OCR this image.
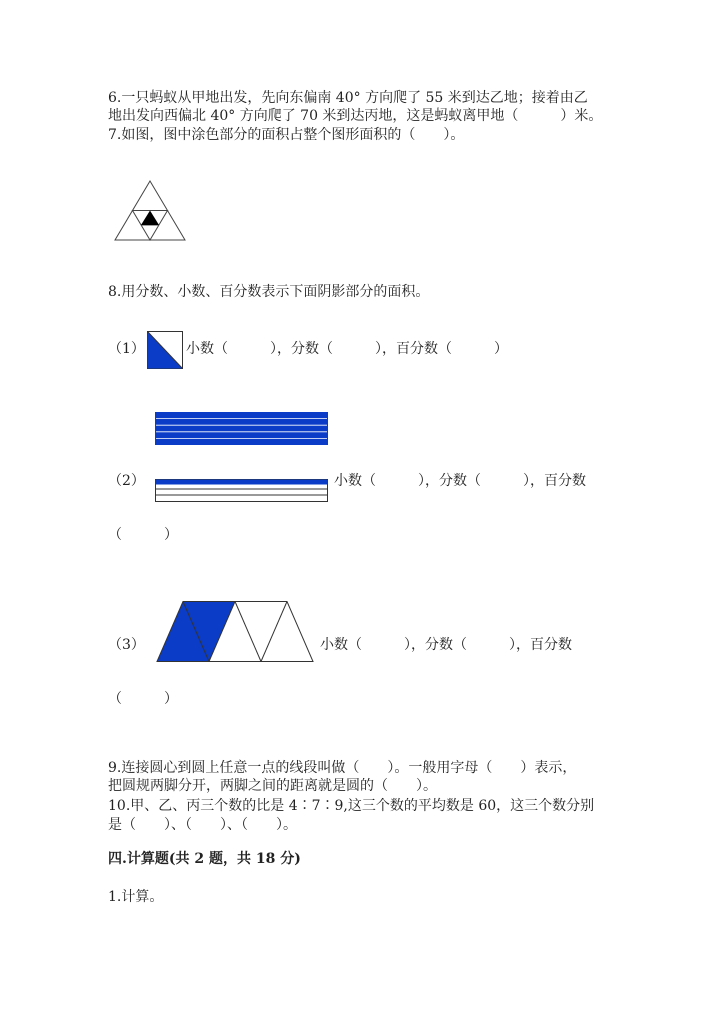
6.一只蚂蚁从甲地出发，先向东偏南 40° 方向爬了 55 米到达乙地；接着由乙
地出发向西偏北 40° 方向爬了 70 米到达丙地，这是蚂蚁离甲地（　　　）米。
7.如图，图中涂色部分的面积占整个图形面积的（　　）。
8.用分数、小数、百分数表示下面阴影部分的面积。
（1）	小数（　　　），分数（　　　），百分数（　　　）
（2）	小数（　　　），分数（　　　），百分数
（　　　）
（3）	小数（　　　），分数（　　　），百分数
（　　　）
9.连接圆心到圆上任意一点的线段叫做（　　）。一般用字母（　　）表示，
把圆规两脚分开，两脚之间的距离就是圆的（　　）。
10.甲、乙、丙三个数的比是 4∶7∶9,这三个数的平均数是 60，这三个数分别
是（　　）、（　　）、（　　）。
四.计算题(共 2 题，共 18 分)
1.计算。
